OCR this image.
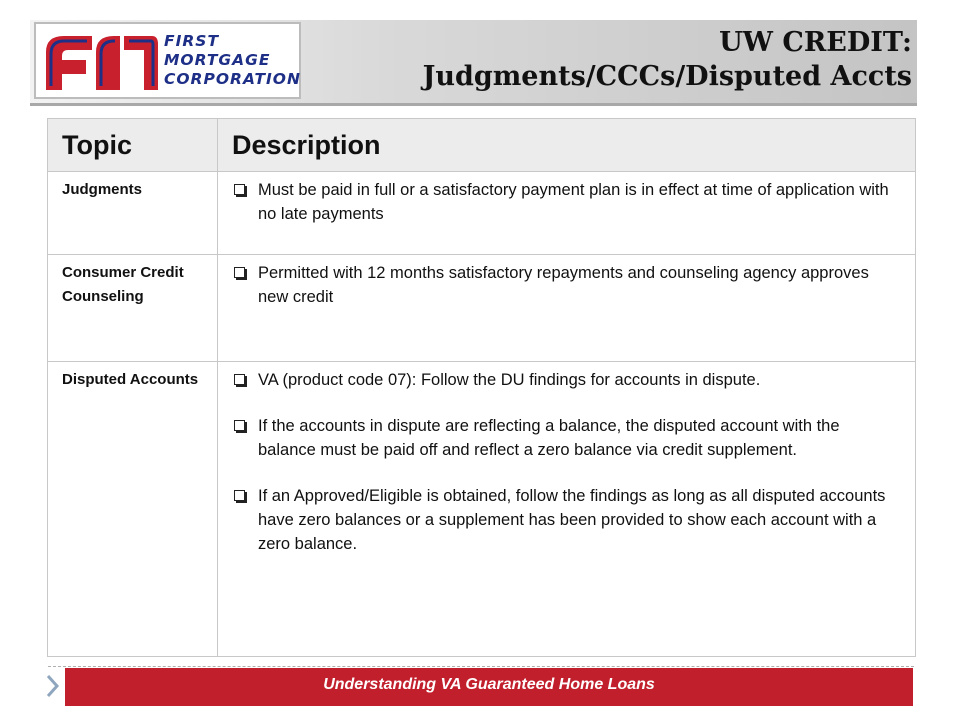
FIRST
MORTGAGE
CORPORATION
UW CREDIT:
Judgments/CCCs/Disputed Accts
Topic	Description
Judgments	Must be paid in full or a satisfactory payment plan is in effect at time of application with no late payments

Consumer Credit Counseling	Permitted with 12 months satisfactory repayments and counseling agency approves new credit

Disputed Accounts	VA (product code 07): Follow the DU findings for accounts in dispute.
If the accounts in dispute are reflecting a balance, the disputed account with the balance must be paid off and reflect a zero balance via credit supplement.
If an Approved/Eligible is obtained, follow the findings as long as all disputed accounts have zero balances or a supplement has been provided to show each account with a zero balance.
Understanding VA Guaranteed Home Loans
